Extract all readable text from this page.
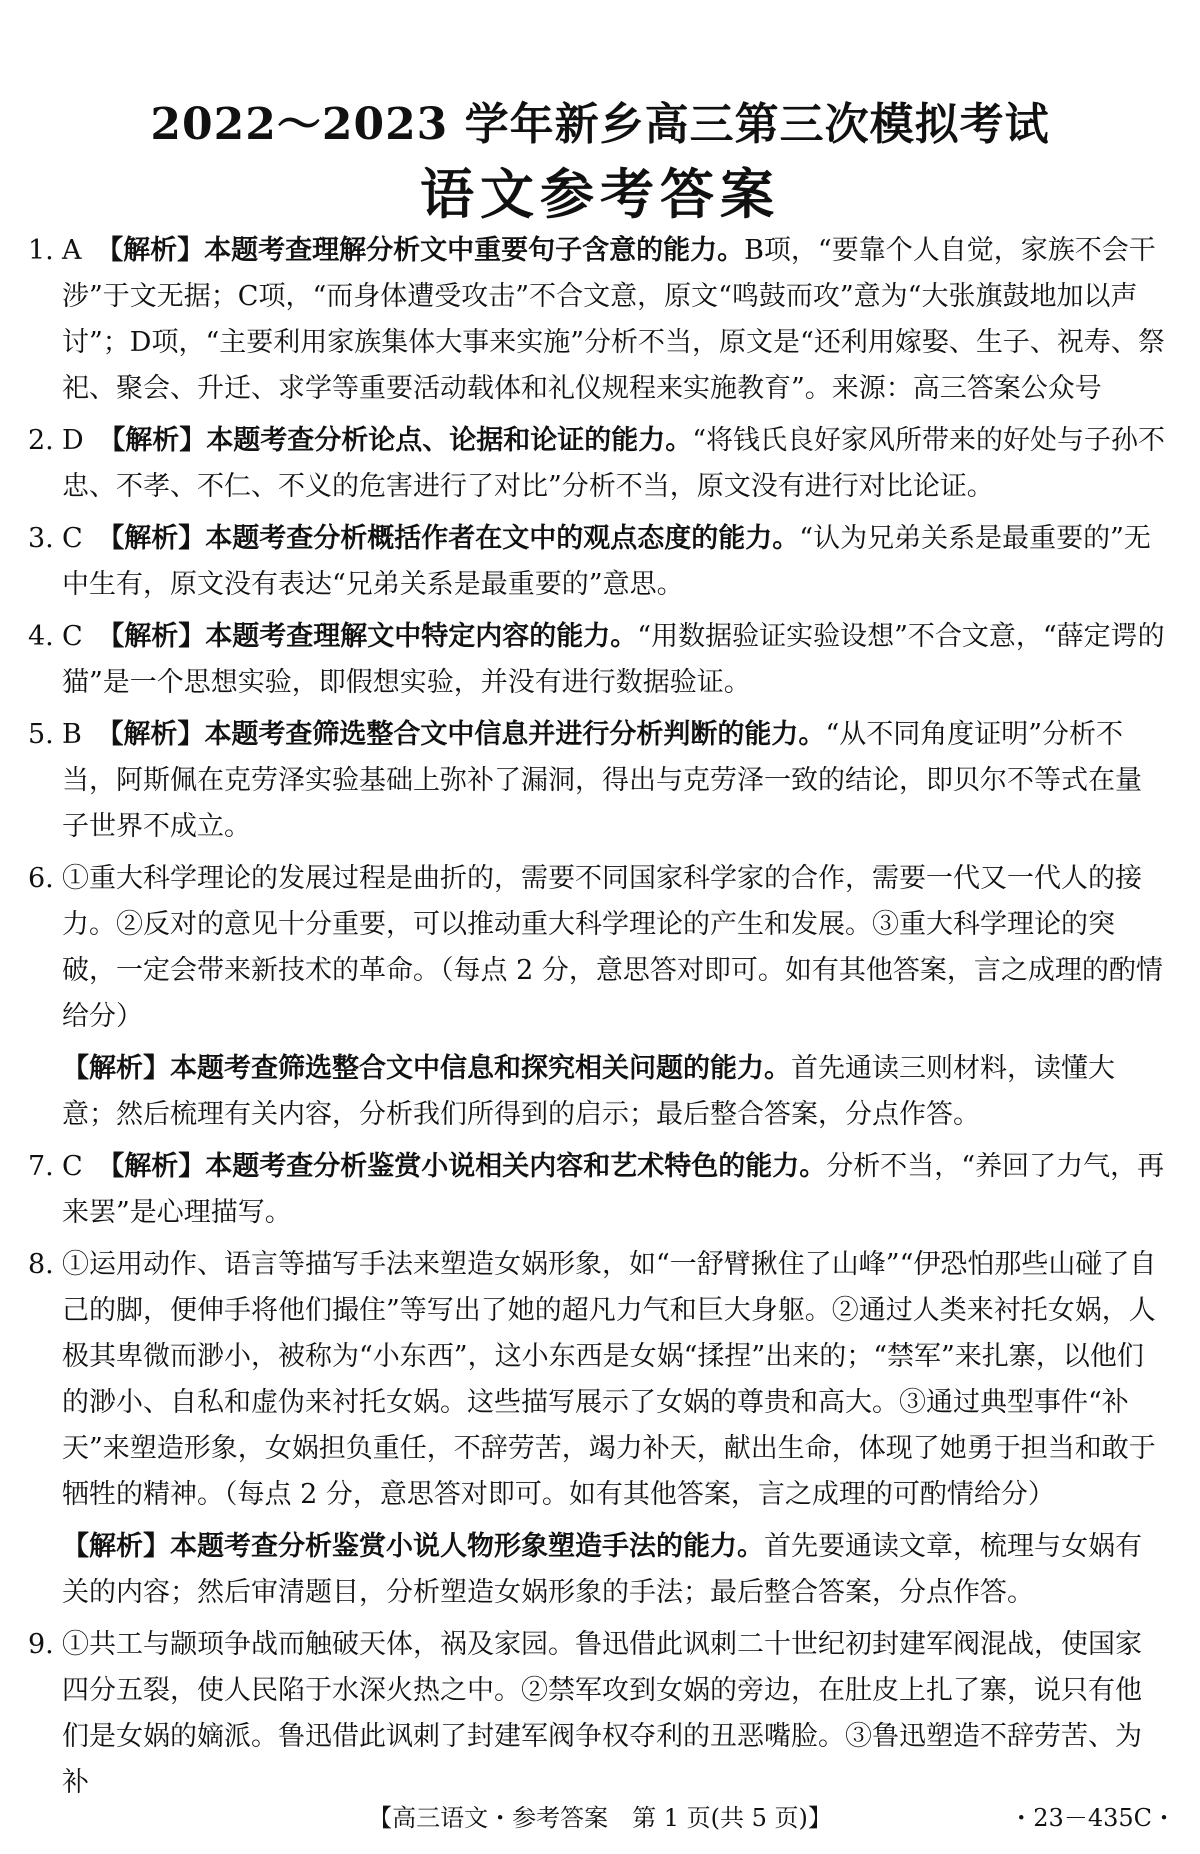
2022～2023 学年新乡高三第三次模拟考试
语文参考答案
1. A 【解析】本题考查理解分析文中重要句子含意的能力。B项，“要靠个人自觉，家族不会干涉”于文无据；C项，“而身体遭受攻击”不合文意，原文“鸣鼓而攻”意为“大张旗鼓地加以声讨”；D项，“主要利用家族集体大事来实施”分析不当，原文是“还利用嫁娶、生子、祝寿、祭祀、聚会、升迁、求学等重要活动载体和礼仪规程来实施教育”。来源：高三答案公众号
2. D 【解析】本题考查分析论点、论据和论证的能力。“将钱氏良好家风所带来的好处与子孙不忠、不孝、不仁、不义的危害进行了对比”分析不当，原文没有进行对比论证。
3. C 【解析】本题考查分析概括作者在文中的观点态度的能力。“认为兄弟关系是最重要的”无中生有，原文没有表达“兄弟关系是最重要的”意思。
4. C 【解析】本题考查理解文中特定内容的能力。“用数据验证实验设想”不合文意，“薛定谔的猫”是一个思想实验，即假想实验，并没有进行数据验证。
5. B 【解析】本题考查筛选整合文中信息并进行分析判断的能力。“从不同角度证明”分析不当，阿斯佩在克劳泽实验基础上弥补了漏洞，得出与克劳泽一致的结论，即贝尔不等式在量子世界不成立。
6. ①重大科学理论的发展过程是曲折的，需要不同国家科学家的合作，需要一代又一代人的接力。②反对的意见十分重要，可以推动重大科学理论的产生和发展。③重大科学理论的突破，一定会带来新技术的革命。（每点 2 分，意思答对即可。如有其他答案，言之成理的酌情给分）
【解析】本题考查筛选整合文中信息和探究相关问题的能力。首先通读三则材料，读懂大意；然后梳理有关内容，分析我们所得到的启示；最后整合答案，分点作答。
7. C 【解析】本题考查分析鉴赏小说相关内容和艺术特色的能力。分析不当，“养回了力气，再来罢”是心理描写。
8. ①运用动作、语言等描写手法来塑造女娲形象，如“一舒臂揪住了山峰”“伊恐怕那些山碰了自己的脚，便伸手将他们撮住”等写出了她的超凡力气和巨大身躯。②通过人类来衬托女娲，人极其卑微而渺小，被称为“小东西”，这小东西是女娲“揉捏”出来的；“禁军”来扎寨，以他们的渺小、自私和虚伪来衬托女娲。这些描写展示了女娲的尊贵和高大。③通过典型事件“补天”来塑造形象，女娲担负重任，不辞劳苦，竭力补天，献出生命，体现了她勇于担当和敢于牺牲的精神。（每点 2 分，意思答对即可。如有其他答案，言之成理的可酌情给分）
【解析】本题考查分析鉴赏小说人物形象塑造手法的能力。首先要通读文章，梳理与女娲有关的内容；然后审清题目，分析塑造女娲形象的手法；最后整合答案，分点作答。
9. ①共工与颛顼争战而触破天体，祸及家园。鲁迅借此讽刺二十世纪初封建军阀混战，使国家四分五裂，使人民陷于水深火热之中。②禁军攻到女娲的旁边，在肚皮上扎了寨，说只有他们是女娲的嫡派。鲁迅借此讽刺了封建军阀争权夺利的丑恶嘴脸。③鲁迅塑造不辞劳苦、为补
【高三语文・参考答案　第 1 页(共 5 页)】	・23－435C・
